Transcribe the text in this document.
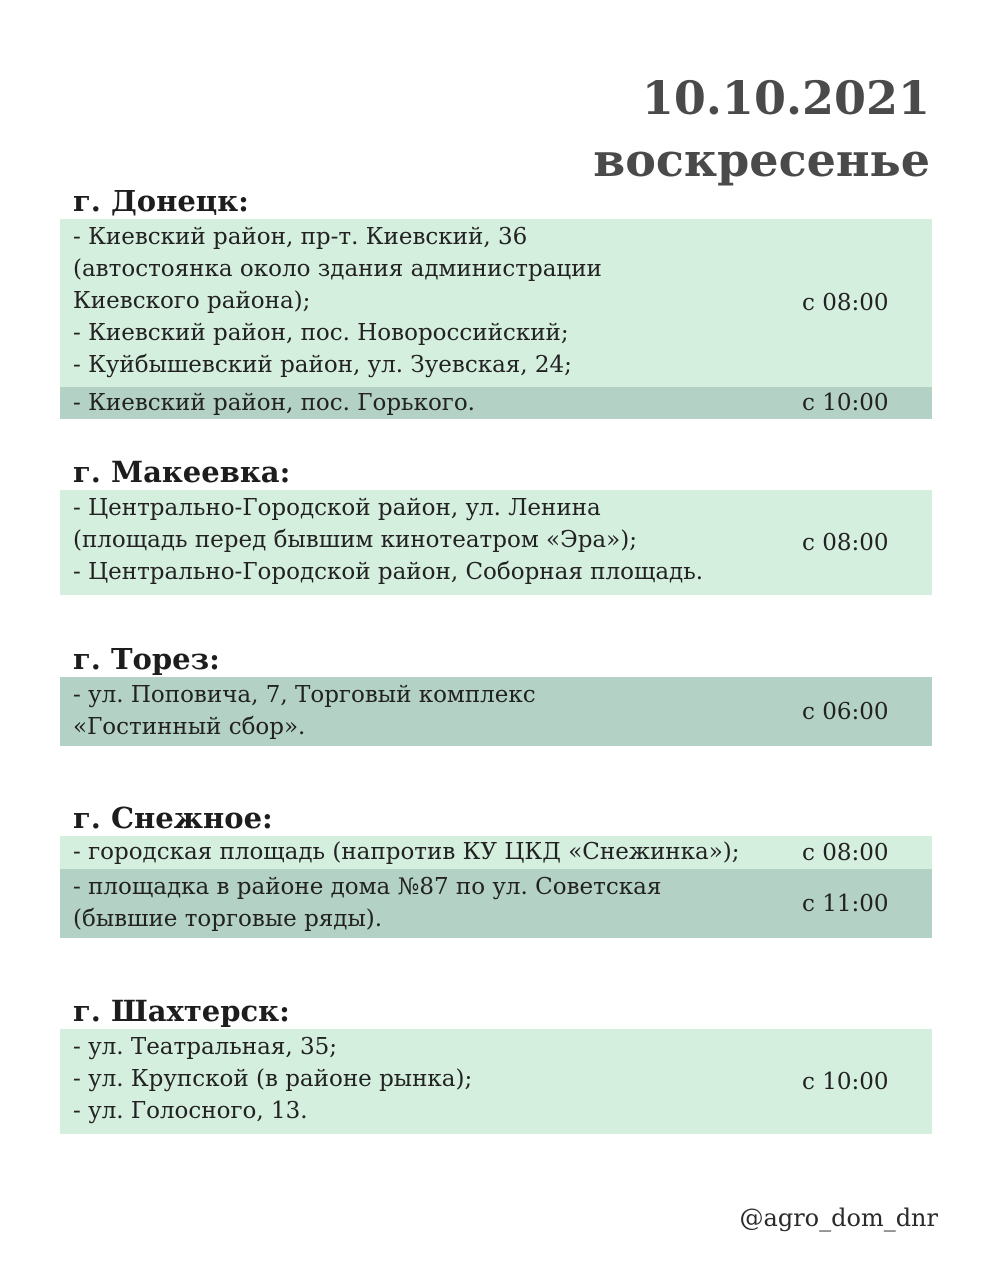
10.10.2021
воскресенье
г. Донецк:
- Киевский район, пр-т. Киевский, 36
(автостоянка около здания администрации
Киевского района);
- Киевский район, пос. Новороссийский;
- Куйбышевский район, ул. Зуевская, 24;
с 08:00
- Киевский район, пос. Горького.	с 10:00
г. Макеевка:
- Центрально-Городской район, ул. Ленина
(площадь перед бывшим кинотеатром «Эра»);
- Центрально-Городской район, Соборная площадь.
с 08:00
г. Торез:
- ул. Поповича, 7, Торговый комплекс
«Гостинный сбор».
с 06:00
г. Снежное:
- городская площадь (напротив КУ ЦКД «Снежинка»);	с 08:00
- площадка в районе дома №87 по ул. Советская
(бывшие торговые ряды).
с 11:00
г. Шахтерск:
- ул. Театральная, 35;
- ул. Крупской (в районе рынка);
- ул. Голосного, 13.
с 10:00
@agro_dom_dnr
